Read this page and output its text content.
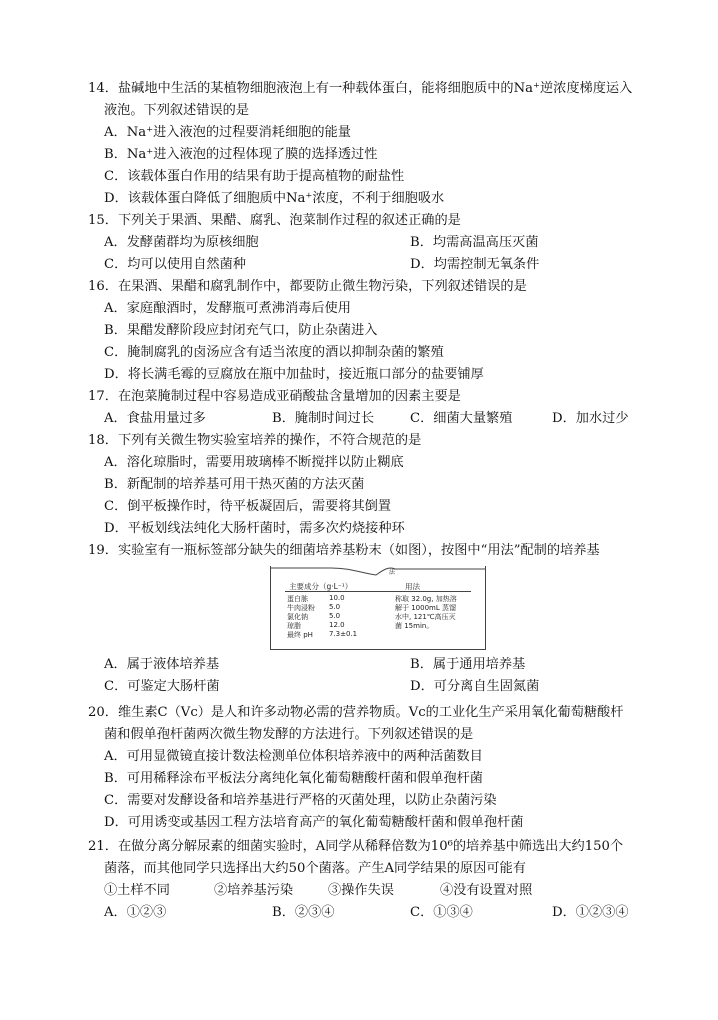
14．盐碱地中生活的某植物细胞液泡上有一种载体蛋白，能将细胞质中的Na⁺逆浓度梯度运入
液泡。下列叙述错误的是
A．Na⁺进入液泡的过程要消耗细胞的能量
B．Na⁺进入液泡的过程体现了膜的选择透过性
C．该载体蛋白作用的结果有助于提高植物的耐盐性
D．该载体蛋白降低了细胞质中Na⁺浓度，不利于细胞吸水
15．下列关于果酒、果醋、腐乳、泡菜制作过程的叙述正确的是
A．发酵菌群均为原核细胞	B．均需高温高压灭菌
C．均可以使用自然菌种	D．均需控制无氧条件
16．在果酒、果醋和腐乳制作中，都要防止微生物污染，下列叙述错误的是
A．家庭酿酒时，发酵瓶可煮沸消毒后使用
B．果醋发酵阶段应封闭充气口，防止杂菌进入
C．腌制腐乳的卤汤应含有适当浓度的酒以抑制杂菌的繁殖
D．将长满毛霉的豆腐放在瓶中加盐时，接近瓶口部分的盐要铺厚
17．在泡菜腌制过程中容易造成亚硝酸盐含量增加的因素主要是
A．食盐用量过多	B．腌制时间过长	C．细菌大量繁殖	D．加水过少
18．下列有关微生物实验室培养的操作，不符合规范的是
A．溶化琼脂时，需要用玻璃棒不断搅拌以防止糊底
B．新配制的培养基可用干热灭菌的方法灭菌
C．倒平板操作时，待平板凝固后，需要将其倒置
D．平板划线法纯化大肠杆菌时，需多次灼烧接种环
19．实验室有一瓶标签部分缺失的细菌培养基粉末（如图），按图中“用法”配制的培养基
法
主要成分（g·L⁻¹）	用法
蛋白胨	10.0
牛肉浸粉 5.0
氯化钠	5.0
琼脂	12.0
最终 pH 7.3±0.1
称取 32.0g, 加热溶
解于 1000mL 蒸馏
水中, 121℃高压灭
菌 15min。
A．属于液体培养基	B．属于通用培养基
C．可鉴定大肠杆菌	D．可分离自生固氮菌
20．维生素C（Vc）是人和许多动物必需的营养物质。Vc的工业化生产采用氧化葡萄糖酸杆
菌和假单孢杆菌两次微生物发酵的方法进行。下列叙述错误的是
A．可用显微镜直接计数法检测单位体积培养液中的两种活菌数目
B．可用稀释涂布平板法分离纯化氧化葡萄糖酸杆菌和假单孢杆菌
C．需要对发酵设备和培养基进行严格的灭菌处理，以防止杂菌污染
D．可用诱变或基因工程方法培育高产的氧化葡萄糖酸杆菌和假单孢杆菌
21．在做分离分解尿素的细菌实验时，A同学从稀释倍数为10⁶的培养基中筛选出大约150个
菌落，而其他同学只选择出大约50个菌落。产生A同学结果的原因可能有
①土样不同	②培养基污染	③操作失误	④没有设置对照
A．①②③	B．②③④	C．①③④	D．①②③④
